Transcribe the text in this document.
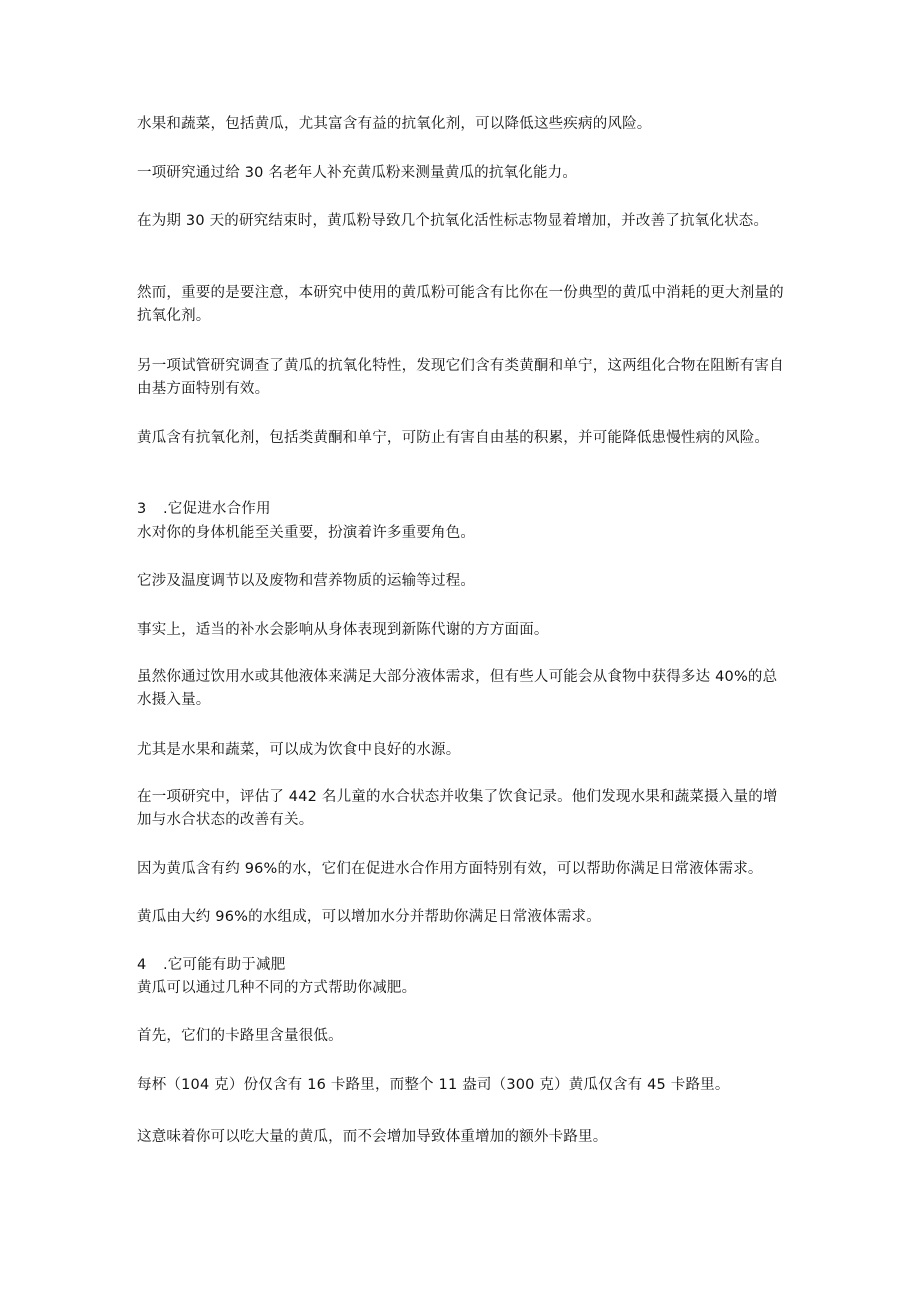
水果和蔬菜，包括黄瓜，尤其富含有益的抗氧化剂，可以降低这些疾病的风险。

一项研究通过给 30 名老年人补充黄瓜粉来测量黄瓜的抗氧化能力。

在为期 30 天的研究结束时，黄瓜粉导致几个抗氧化活性标志物显着增加，并改善了抗氧化状态。

然而，重要的是要注意，本研究中使用的黄瓜粉可能含有比你在一份典型的黄瓜中消耗的更大剂量的抗氧化剂。

另一项试管研究调查了黄瓜的抗氧化特性，发现它们含有类黄酮和单宁，这两组化合物在阻断有害自由基方面特别有效。

黄瓜含有抗氧化剂，包括类黄酮和单宁，可防止有害自由基的积累，并可能降低患慢性病的风险。

3 .它促进水合作用

水对你的身体机能至关重要，扮演着许多重要角色。

它涉及温度调节以及废物和营养物质的运输等过程。

事实上，适当的补水会影响从身体表现到新陈代谢的方方面面。

虽然你通过饮用水或其他液体来满足大部分液体需求，但有些人可能会从食物中获得多达 40%的总水摄入量。

尤其是水果和蔬菜，可以成为饮食中良好的水源。

在一项研究中，评估了 442 名儿童的水合状态并收集了饮食记录。他们发现水果和蔬菜摄入量的增加与水合状态的改善有关。

因为黄瓜含有约 96%的水，它们在促进水合作用方面特别有效，可以帮助你满足日常液体需求。

黄瓜由大约 96%的水组成，可以增加水分并帮助你满足日常液体需求。

4 .它可能有助于减肥

黄瓜可以通过几种不同的方式帮助你减肥。

首先，它们的卡路里含量很低。

每杯（104 克）份仅含有 16 卡路里，而整个 11 盎司（300 克）黄瓜仅含有 45 卡路里。

这意味着你可以吃大量的黄瓜，而不会增加导致体重增加的额外卡路里。
